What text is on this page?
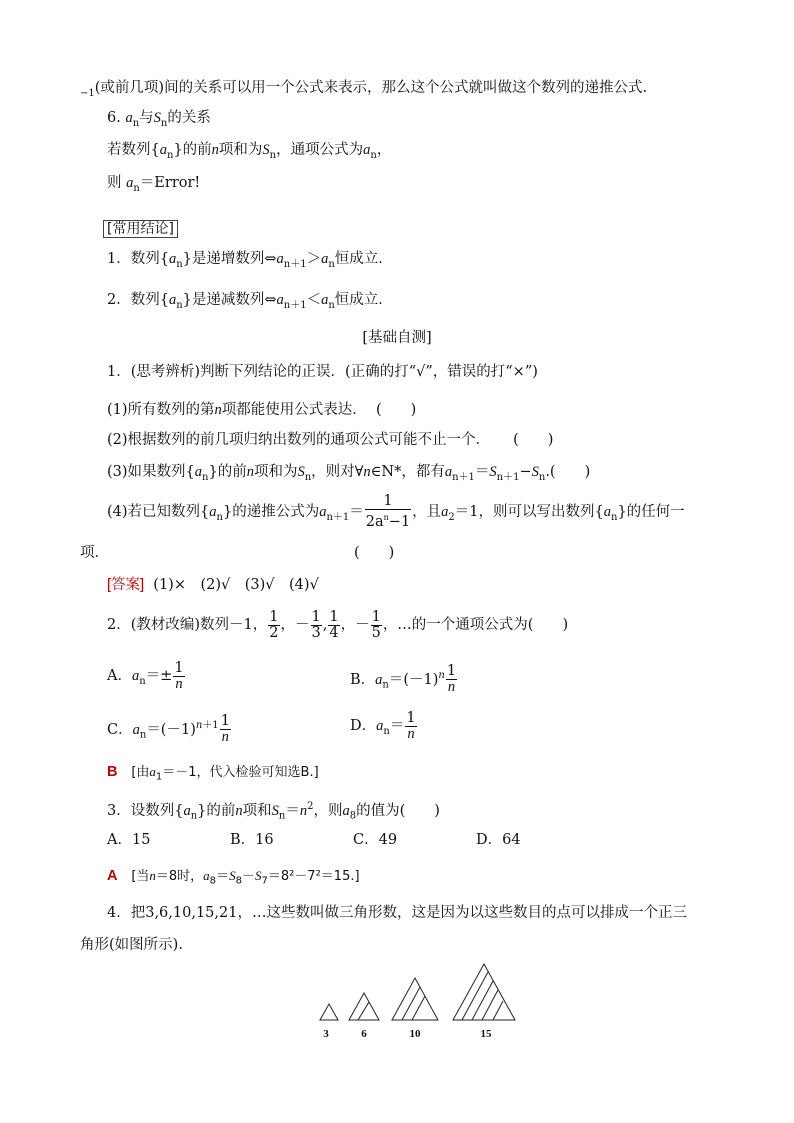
$_{-1}$(或前几项)间的关系可以用一个公式来表示，那么这个公式就叫做这个数列的递推公式.
6. $a_n$与$S_n$的关系
若数列$\{a_n\}$的前n项和为$S_n$，通项公式为$a_n$，
则 $a_n=Error$!
[常用结论]
1．数列$\{a_n\}$是递增数列$\Leftrightarrow a_{n+1}>a_n$恒成立．
2．数列$\{a_n\}$是递减数列$\Leftrightarrow a_{n+1}<a_n$恒成立．
[基础自测]
1．(思考辨析)判断下列结论的正误．(正确的打“√”，错误的打“×”)
(1)所有数列的第n项都能使用公式表达． (　　)
(2)根据数列的前几项归纳出数列的通项公式可能不止一个． (　　)
(3)如果数列$\{a_n\}$的前n项和为$S_n$，则对∀n∈N*，都有$a_{n+1}=S_{n+1}-S_n$.(　　)
(4)若已知数列$\{a_n\}$的递推公式为$a_{n+1}= \frac{1}{2a^n-1}$ ，且$a_2=1$，则可以写出数列$\{a_n\}$的任何一
项．	(　　)
[答案] (1)×　(2)√　(3)√　(4)√
2．(教材改编)数列－1， $\frac{1}{2}$ ，－ $\frac{1}{3}$ , $\frac{1}{4}$ ，－ $\frac{1}{5}$ ，…的一个通项公式为(　　)
A．$a_n=\pm \frac{1}{n}$	B．$a_n=(-1)^n \frac{1}{n}$
C．$a_n=(-1)^{n+1} \frac{1}{n}$	D．$a_n= \frac{1}{n}$
B [由$a_1=-1$，代入检验可知选B.]
3．设数列$\{a_n\}$的前n项和$S_n=n^2$，则$a_8$的值为(　　)
A．15	B．16	C．49	D．64
A [当n＝8时，$a_8=S_8-S_7=8^2-7^2=15$.]
4．把3,6,10,15,21，…这些数叫做三角形数，这是因为以这些数目的点可以排成一个正三
角形(如图所示).
3	6	10	15
